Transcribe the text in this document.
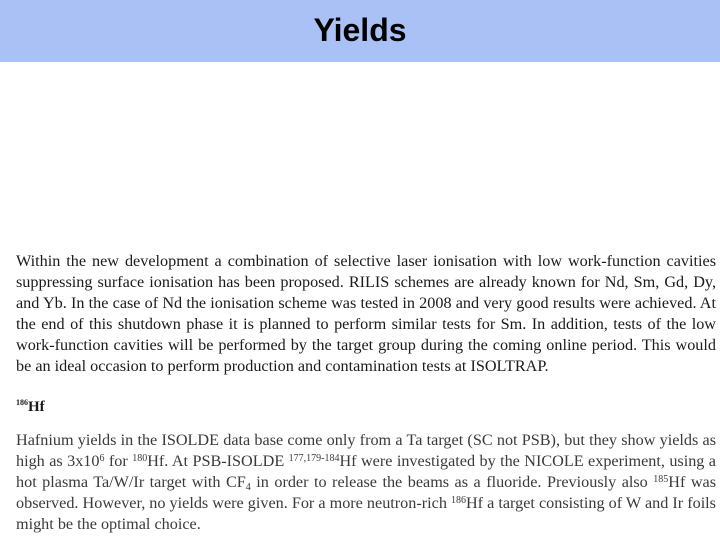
Yields
Within the new development a combination of selective laser ionisation with low work-function cavities suppressing surface ionisation has been proposed. RILIS schemes are already known for Nd, Sm, Gd, Dy, and Yb. In the case of Nd the ionisation scheme was tested in 2008 and very good results were achieved. At the end of this shutdown phase it is planned to perform similar tests for Sm. In addition, tests of the low work-function cavities will be performed by the target group during the coming online period. This would be an ideal occasion to perform production and contamination tests at ISOLTRAP.
$^{186}$Hf
Hafnium yields in the ISOLDE data base come only from a Ta target (SC not PSB), but they show yields as high as $3x10^6$ for $^{180}$Hf. At PSB-ISOLDE $^{177,179-184}$Hf were investigated by the NICOLE experiment, using a hot plasma Ta/W/Ir target with $CF_4$ in order to release the beams as a fluoride. Previously also $^{185}$Hf was observed. However, no yields were given. For a more neutron-rich $^{186}$Hf a target consisting of W and Ir foils might be the optimal choice.
